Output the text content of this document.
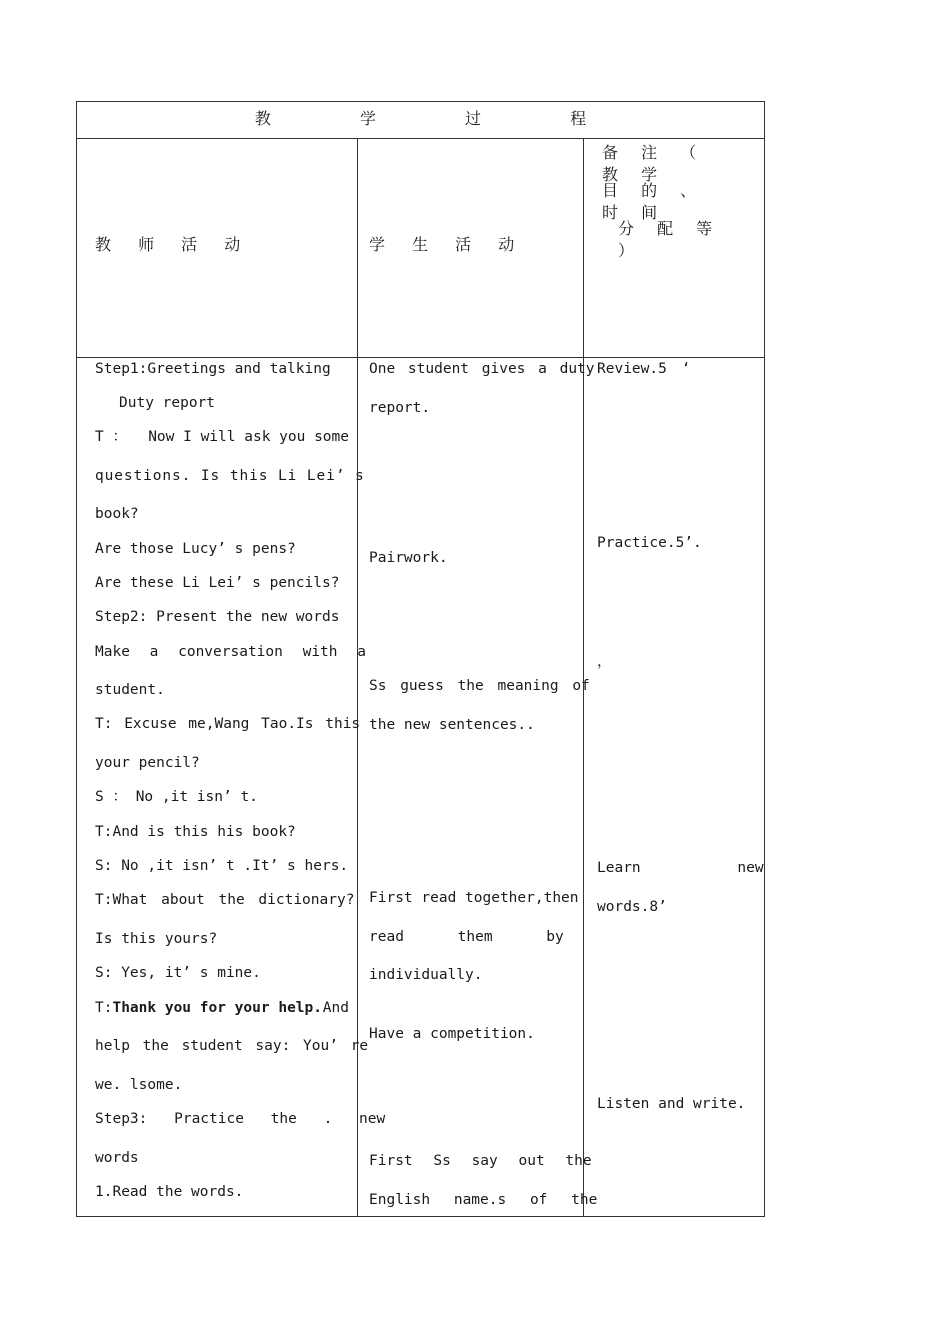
教 学 过 程
教 师 活 动	学 生 活 动
备 注 （ 教 学
目 的 、 时 间
分 配 等 ）
Step1:Greetings and talking
Duty report
T ： Now I will ask you some
questions. Is this Li Lei’ s
book?
Are those Lucy’ s pens?
Are these Li Lei’ s pencils?
Step2: Present the new words
Make a conversation with a
student.
T: Excuse me,Wang Tao.Is this
your pencil?
S ： No ,it isn’ t.
T:And is this his book?
S: No ,it isn’ t .It’ s hers.
T:What about the dictionary?
Is this yours?
S: Yes, it’ s mine.
T:Thank you for your help. And
help the student say: You’ re
we. lsome.
Step3: Practice the . new
words
1.Read the words.
One student gives a duty
report.
Pairwork.
Ss guess the meaning of
the new sentences..
First read together,then
read them by
individually.
Have a competition.
First Ss say out the
English name.s of the
Review.5 ‘
Practice.5’.
，
Learn new
words.8’
Listen and write.
